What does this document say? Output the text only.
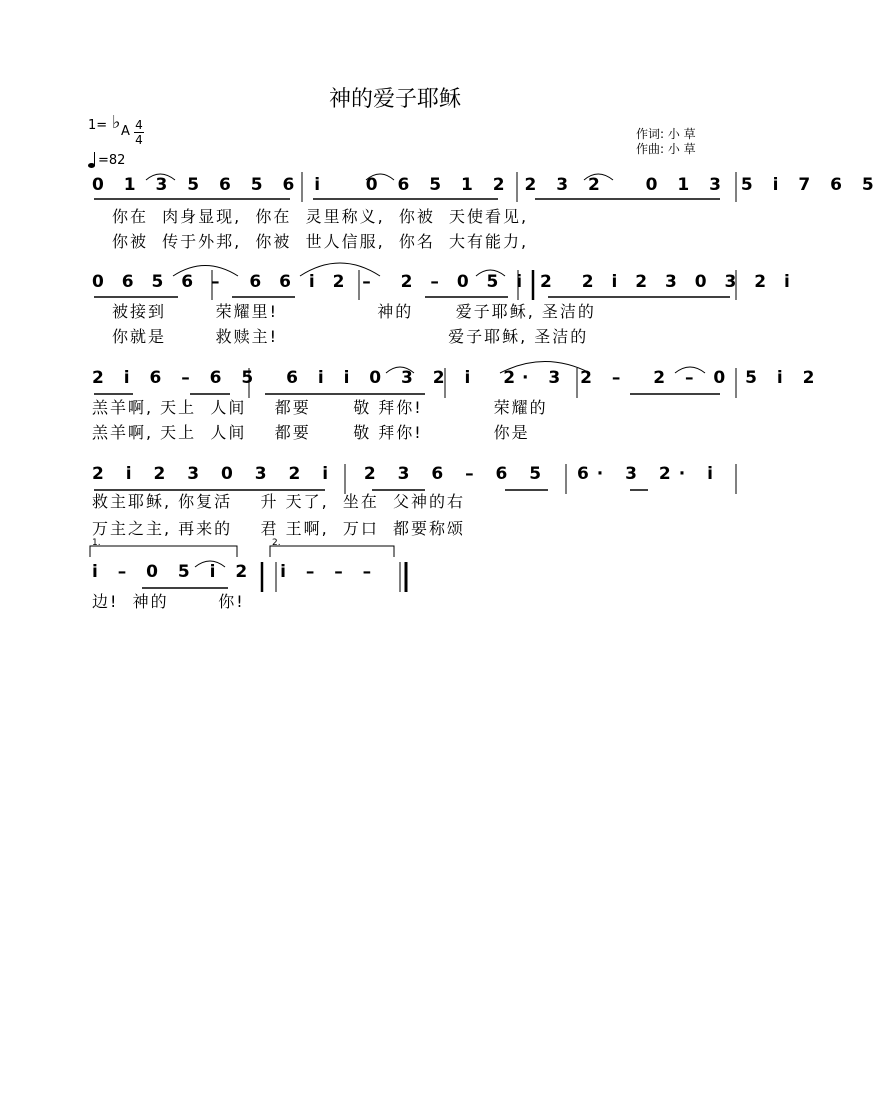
神的爱子耶稣
1= ♭ A 4
4
=82
作词: 小 草
作曲: 小 草
你在  肉身显现,  你在  灵里称义,  你被  天使看见,
你被  传于外邦,  你被  世人信服,  你名  大有能力,
被接到       荣耀里!              神的      爱子耶稣, 圣洁的
你就是       救赎主!                        爱子耶稣, 圣洁的
羔羊啊, 天上  人间    都要      敬 拜你!          荣耀的
羔羊啊, 天上  人间    都要      敬 拜你!          你是
救主耶稣, 你复活    升 天了,  坐在  父神的右
万主之主, 再来的    君 王啊,  万口  都要称颂
边!  神的       你!
0 1 3 5 6 5 6 i   0 6 5 1 2 2 3 2   0 1 3 5 i 7 6 5
0 6 5 6 –  6 6 i 2 –  2 – 0 5 i 2  2 i 2 3 0 3 2 i
2 i 6 – 6 5  6 i i 0 3 2 i  2· 3 2 –  2 – 0 5 i 2
2 i 2 3 0 3 2 i  2 3 6 – 6 5  6· 3 2· i
i – 0 5 i 2  i – – –
1.	2.
